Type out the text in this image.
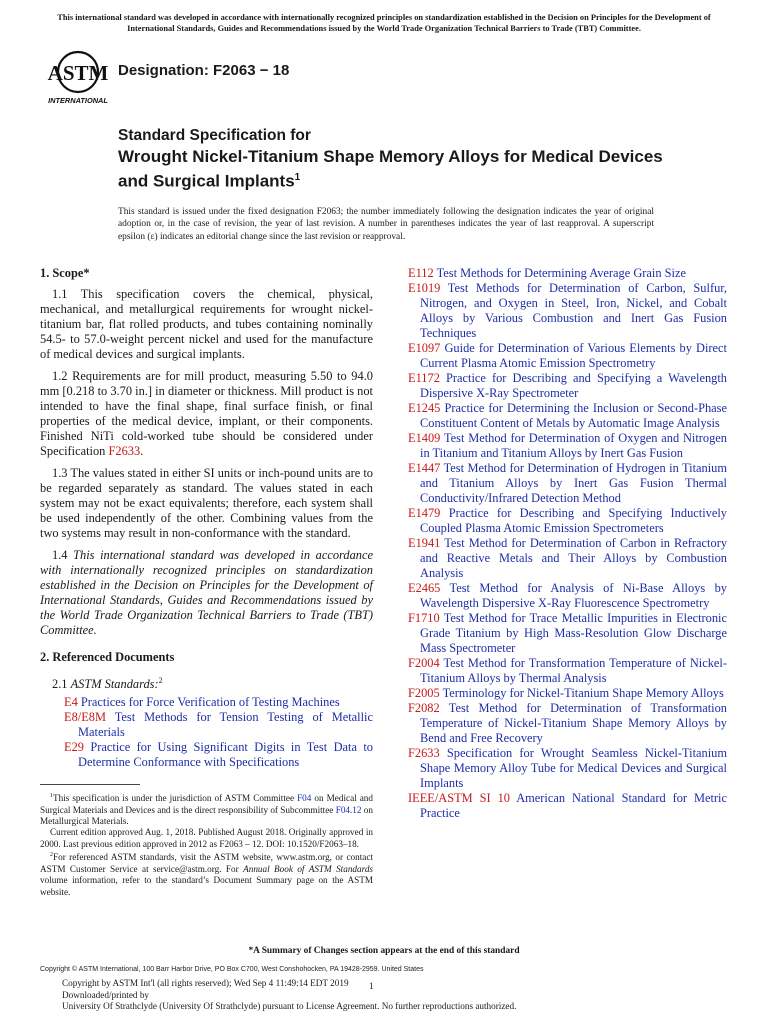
This international standard was developed in accordance with internationally recognized principles on standardization established in the Decision on Principles for the Development of International Standards, Guides and Recommendations issued by the World Trade Organization Technical Barriers to Trade (TBT) Committee.
ASTM
INTERNATIONAL
Designation: F2063 − 18
Standard Specification for
Wrought Nickel-Titanium Shape Memory Alloys for Medical Devices and Surgical Implants$^1$
This standard is issued under the fixed designation F2063; the number immediately following the designation indicates the year of original adoption or, in the case of revision, the year of last revision. A number in parentheses indicates the year of last reapproval. A superscript epsilon (ε) indicates an editorial change since the last revision or reapproval.
1. Scope*

1.1 This specification covers the chemical, physical, mechanical, and metallurgical requirements for wrought nickel-titanium bar, flat rolled products, and tubes containing nominally 54.5- to 57.0-weight percent nickel and used for the manufacture of medical devices and surgical implants.

1.2 Requirements are for mill product, measuring 5.50 to 94.0 mm [0.218 to 3.70 in.] in diameter or thickness. Mill product is not intended to have the final shape, final surface finish, or final properties of the medical device, implant, or their components. Finished NiTi cold-worked tube should be considered under Specification F2633.

1.3 The values stated in either SI units or inch-pound units are to be regarded separately as standard. The values stated in each system may not be exact equivalents; therefore, each system shall be used independently of the other. Combining values from the two systems may result in non-conformance with the standard.

1.4 This international standard was developed in accordance with internationally recognized principles on standardization established in the Decision on Principles for the Development of International Standards, Guides and Recommendations issued by the World Trade Organization Technical Barriers to Trade (TBT) Committee.

2. Referenced Documents
2.1 ASTM Standards:$^2$
E4 Practices for Force Verification of Testing Machines
E8/E8M Test Methods for Tension Testing of Metallic Materials
E29 Practice for Using Significant Digits in Test Data to Determine Conformance with Specifications

$^1$This specification is under the jurisdiction of ASTM Committee F04 on Medical and Surgical Materials and Devices and is the direct responsibility of Subcommittee F04.12 on Metallurgical Materials.

Current edition approved Aug. 1, 2018. Published August 2018. Originally approved in 2000. Last previous edition approved in 2012 as F2063 – 12. DOI: 10.1520/F2063–18.

$^2$For referenced ASTM standards, visit the ASTM website, www.astm.org, or contact ASTM Customer Service at service@astm.org. For Annual Book of ASTM Standards volume information, refer to the standard’s Document Summary page on the ASTM website.

E112 Test Methods for Determining Average Grain Size
E1019 Test Methods for Determination of Carbon, Sulfur, Nitrogen, and Oxygen in Steel, Iron, Nickel, and Cobalt Alloys by Various Combustion and Inert Gas Fusion Techniques
E1097 Guide for Determination of Various Elements by Direct Current Plasma Atomic Emission Spectrometry
E1172 Practice for Describing and Specifying a Wavelength Dispersive X-Ray Spectrometer
E1245 Practice for Determining the Inclusion or Second-Phase Constituent Content of Metals by Automatic Image Analysis
E1409 Test Method for Determination of Oxygen and Nitrogen in Titanium and Titanium Alloys by Inert Gas Fusion
E1447 Test Method for Determination of Hydrogen in Titanium and Titanium Alloys by Inert Gas Fusion Thermal Conductivity/Infrared Detection Method
E1479 Practice for Describing and Specifying Inductively Coupled Plasma Atomic Emission Spectrometers
E1941 Test Method for Determination of Carbon in Refractory and Reactive Metals and Their Alloys by Combustion Analysis
E2465 Test Method for Analysis of Ni-Base Alloys by Wavelength Dispersive X-Ray Fluorescence Spectrometry
F1710 Test Method for Trace Metallic Impurities in Electronic Grade Titanium by High Mass-Resolution Glow Discharge Mass Spectrometer
F2004 Test Method for Transformation Temperature of Nickel-Titanium Alloys by Thermal Analysis
F2005 Terminology for Nickel-Titanium Shape Memory Alloys
F2082 Test Method for Determination of Transformation Temperature of Nickel-Titanium Shape Memory Alloys by Bend and Free Recovery
F2633 Specification for Wrought Seamless Nickel-Titanium Shape Memory Alloy Tube for Medical Devices and Surgical Implants
IEEE/ASTM SI 10 American National Standard for Metric Practice
*A Summary of Changes section appears at the end of this standard
Copyright © ASTM International, 100 Barr Harbor Drive, PO Box C700, West Conshohocken, PA 19428-2959. United States
Copyright by ASTM Int'l (all rights reserved); Wed Sep 4 11:49:14 EDT 2019
Downloaded/printed by
University Of Strathclyde (University Of Strathclyde) pursuant to License Agreement. No further reproductions authorized.
1
